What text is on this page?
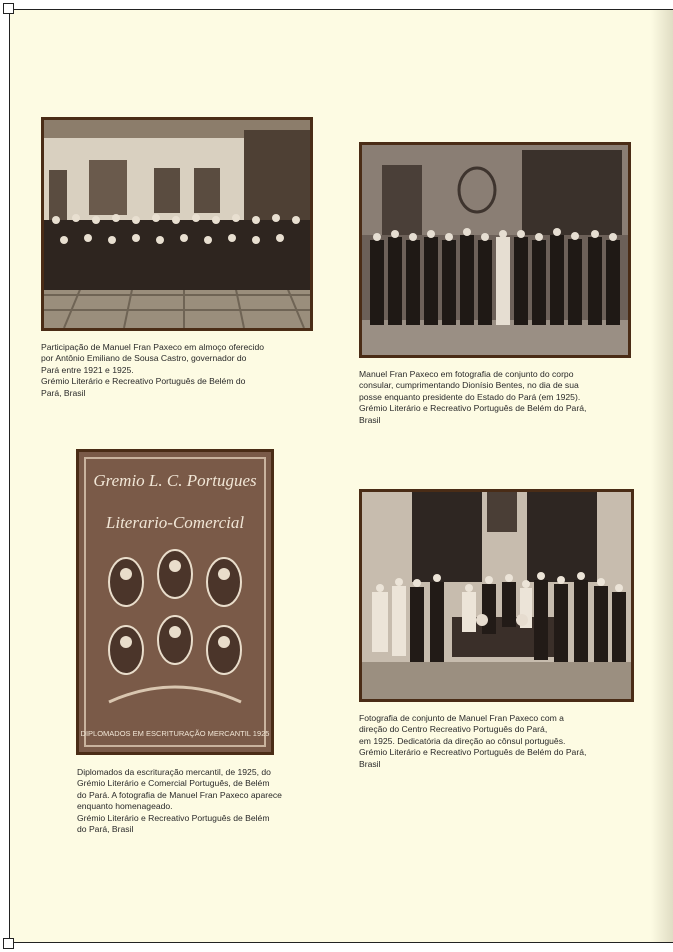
Participação de Manuel Fran Paxeco em almoço oferecido
por Antônio Emiliano de Sousa Castro, governador do
Pará entre 1921 e 1925.
Grémio Literário e Recreativo Português de Belém do
Pará, Brasil
Manuel Fran Paxeco em fotografia de conjunto do corpo
consular, cumprimentando Dionísio Bentes, no dia de sua
posse enquanto presidente do Estado do Pará (em 1925).
Grémio Literário e Recreativo Português de Belém do Pará,
Brasil
Gremio L. C. Portugues
Literario-Comercial
DIPLOMADOS EM ESCRITURAÇÃO MERCANTIL 1925
Diplomados da escrituração mercantil, de 1925, do
Grémio Literário e Comercial Português, de Belém
do Pará. A fotografia de Manuel Fran Paxeco aparece
enquanto homenageado.
Grémio Literário e Recreativo Português de Belém
do Pará, Brasil
Fotografia de conjunto de Manuel Fran Paxeco com a
direção do Centro Recreativo Português do Pará,
em 1925. Dedicatória da direção ao cônsul português.
Grémio Literário e Recreativo Português de Belém do Pará,
Brasil
